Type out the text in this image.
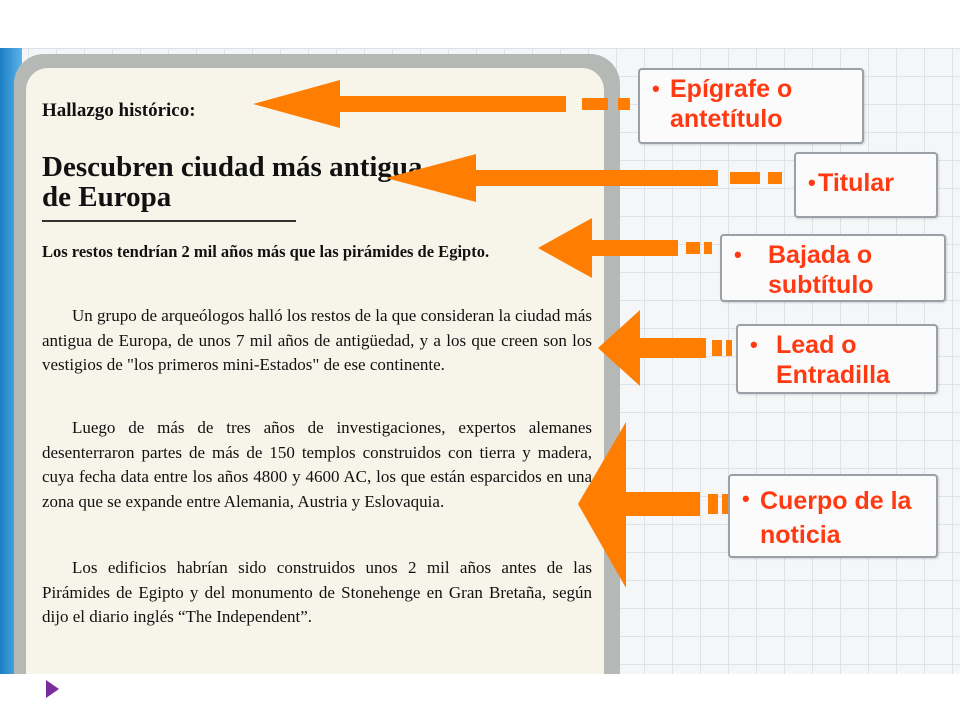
Hallazgo histórico:
Descubren ciudad más antigua de Europa
Los restos tendrían 2 mil años más que las pirámides de Egipto.

Un grupo de arqueólogos halló los restos de la que consideran la ciudad más antigua de Europa, de unos 7 mil años de antigüedad, y a los que creen son los vestigios de "los primeros mini-Estados" de ese continente.

Luego de más de tres años de investigaciones, expertos alemanes desenterraron partes de más de 150 templos construidos con tierra y madera, cuya fecha data entre los años 4800 y 4600 AC, los que están esparcidos en una zona que se expande entre Alemania, Austria y Eslovaquia.

Los edificios habrían sido construidos unos 2 mil años antes de las Pirámides de Egipto y del monumento de Stonehenge en Gran Bretaña, según dijo el diario inglés “The Independent”.

• Epígrafe o
antetítulo
• Titular
• Bajada o
subtítulo
• Lead o
Entradilla
• Cuerpo de la
noticia
